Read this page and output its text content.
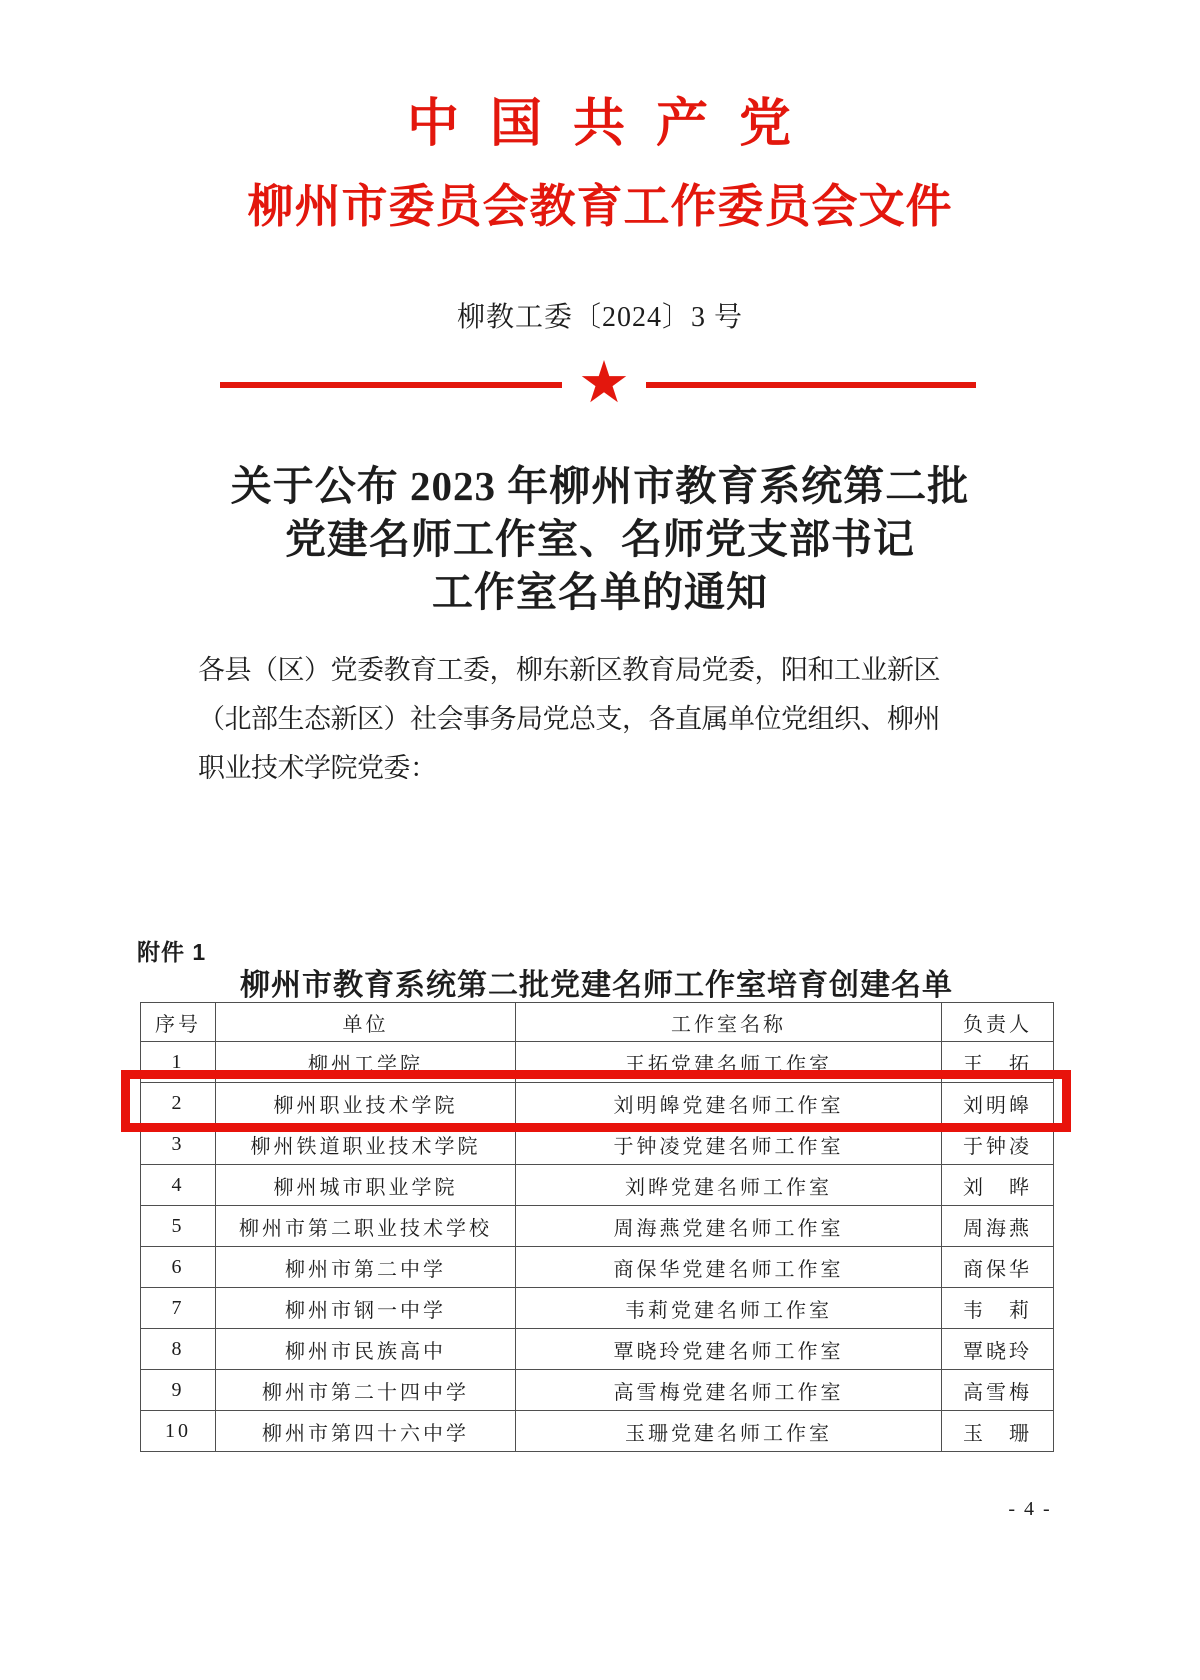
中 国 共 产 党
柳州市委员会教育工作委员会文件
柳教工委〔2024〕3 号
★
关于公布 2023 年柳州市教育系统第二批
党建名师工作室、名师党支部书记
工作室名单的通知
各县（区）党委教育工委，柳东新区教育局党委，阳和工业新区
（北部生态新区）社会事务局党总支，各直属单位党组织、柳州
职业技术学院党委：
附件 1
柳州市教育系统第二批党建名师工作室培育创建名单
序号	单位	工作室名称	负责人
1	柳州工学院	王拓党建名师工作室	王　拓
2	柳州职业技术学院	刘明皞党建名师工作室	刘明皞
3	柳州铁道职业技术学院	于钟凌党建名师工作室	于钟凌
4	柳州城市职业学院	刘晔党建名师工作室	刘　晔
5	柳州市第二职业技术学校	周海燕党建名师工作室	周海燕
6	柳州市第二中学	商保华党建名师工作室	商保华
7	柳州市钢一中学	韦莉党建名师工作室	韦　莉
8	柳州市民族高中	覃晓玲党建名师工作室	覃晓玲
9	柳州市第二十四中学	高雪梅党建名师工作室	高雪梅
10	柳州市第四十六中学	玉珊党建名师工作室	玉　珊
- 4 -
